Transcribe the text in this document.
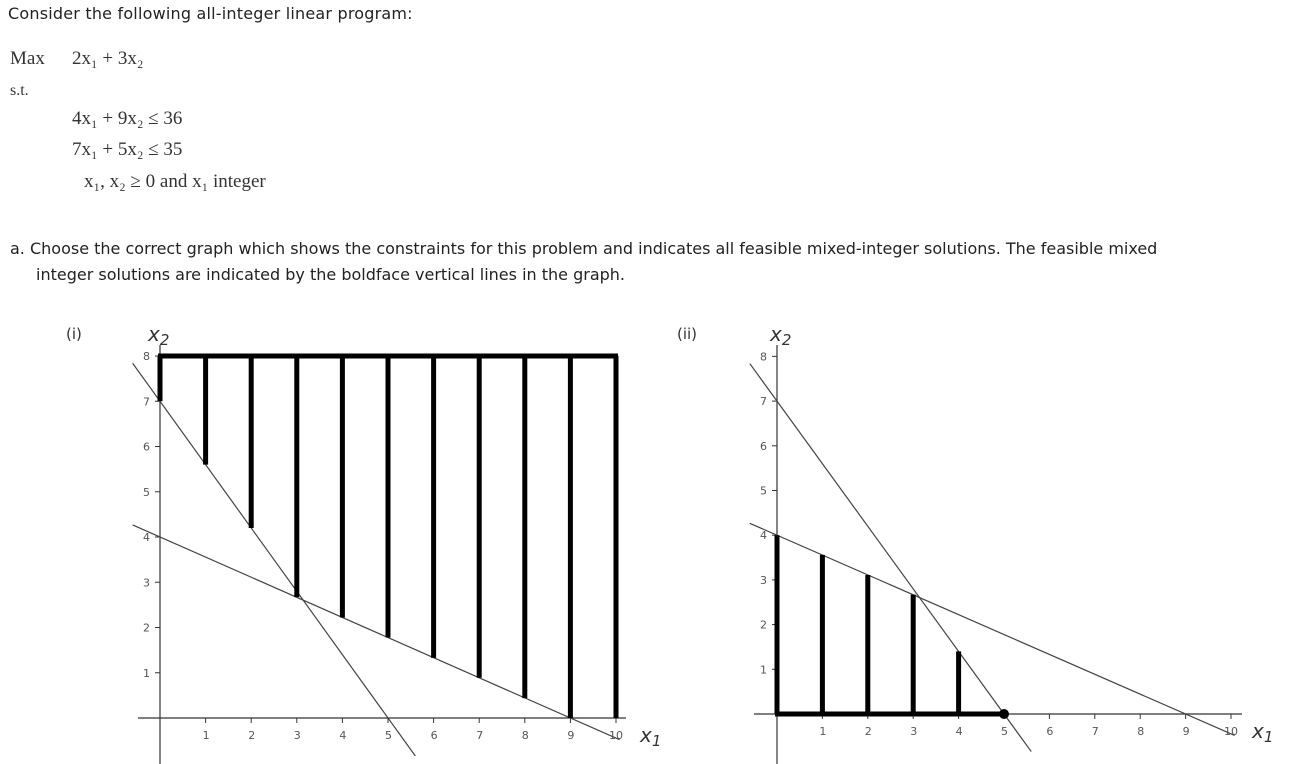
Consider the following all-integer linear program:
Max 2x₁ + 3x₂
s.t.
4x₁ + 9x₂ ≤ 36
7x₁ + 5x₂ ≤ 35
x₁, x₂ ≥ 0 and x₁ integer
a. Choose the correct graph which shows the constraints for this problem and indicates all feasible mixed-integer solutions. The feasible mixed
integer solutions are indicated by the boldface vertical lines in the graph.
(i)	(ii)
1	2	3	4	5	6	7	8	9	10
1
2
3
4
5
6
7
8
$x_1$
$x_2$
1	2	3	4	5	6	7	8	9	10
1
2
3
4
5
6
7
8
$x_1$
$x_2$
